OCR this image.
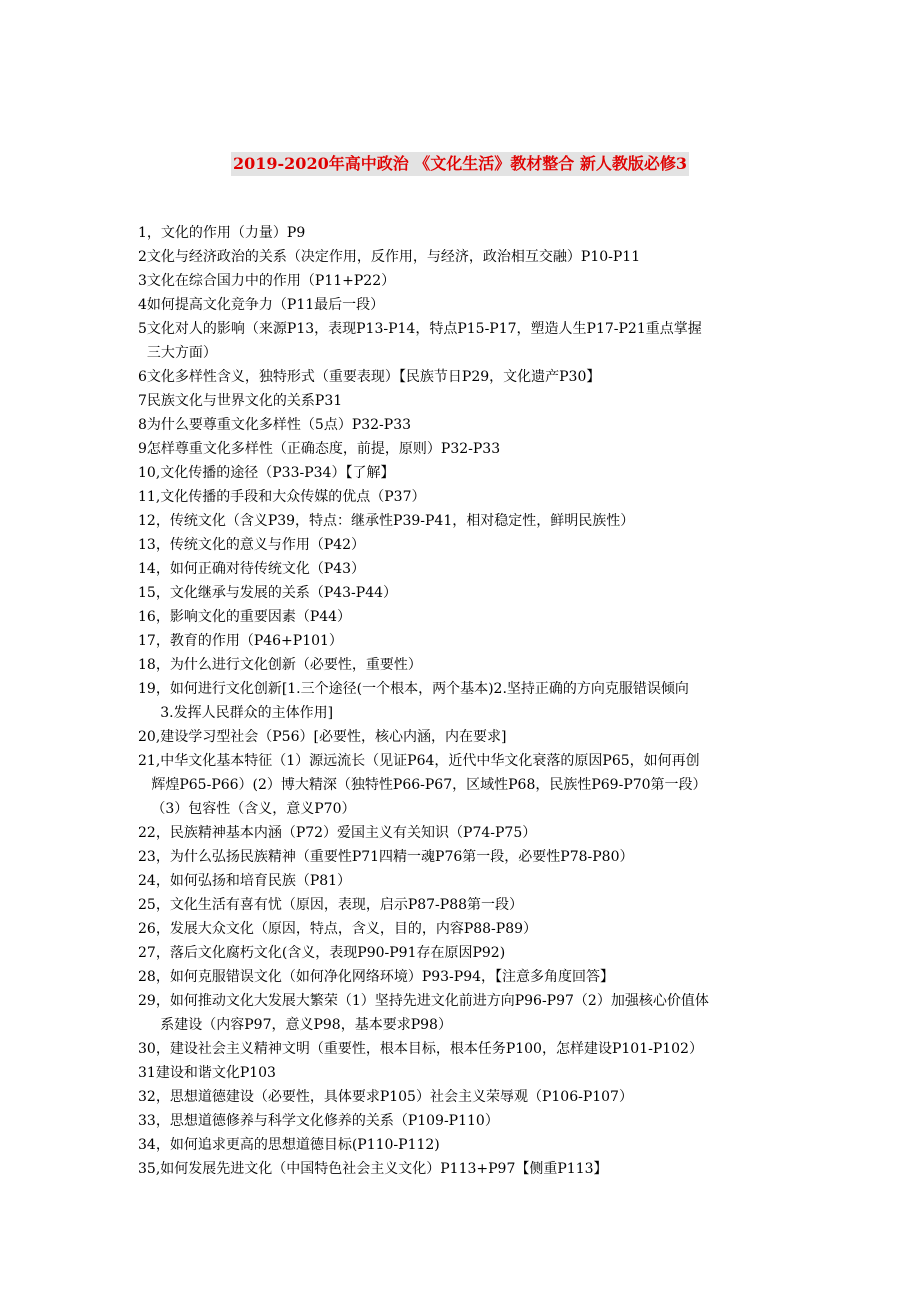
2019-2020年高中政治 《文化生活》教材整合 新人教版必修3
1，文化的作用（力量）P9
2文化与经济政治的关系（决定作用，反作用，与经济，政治相互交融）P10-P11
3文化在综合国力中的作用（P11+P22）
4如何提高文化竞争力（P11最后一段）
5文化对人的影响（来源P13，表现P13-P14，特点P15-P17，塑造人生P17-P21重点掌握
三大方面）
6文化多样性含义，独特形式（重要表现）【民族节日P29，文化遗产P30】
7民族文化与世界文化的关系P31
8为什么要尊重文化多样性（5点）P32-P33
9怎样尊重文化多样性（正确态度，前提，原则）P32-P33
10,文化传播的途径（P33-P34）【了解】
11,文化传播的手段和大众传媒的优点（P37）
12，传统文化（含义P39，特点：继承性P39-P41，相对稳定性，鲜明民族性）
13，传统文化的意义与作用（P42）
14，如何正确对待传统文化（P43）
15，文化继承与发展的关系（P43-P44）
16，影响文化的重要因素（P44）
17，教育的作用（P46+P101）
18，为什么进行文化创新（必要性，重要性）
19，如何进行文化创新[1.三个途径(一个根本，两个基本)2.坚持正确的方向克服错误倾向
3.发挥人民群众的主体作用]
20,建设学习型社会（P56）[必要性，核心内涵，内在要求]
21,中华文化基本特征（1）源远流长（见证P64，近代中华文化衰落的原因P65，如何再创
辉煌P65-P66）(2）博大精深（独特性P66-P67，区域性P68，民族性P69-P70第一段）
（3）包容性（含义，意义P70）
22，民族精神基本内涵（P72）爱国主义有关知识（P74-P75）
23，为什么弘扬民族精神（重要性P71四精一魂P76第一段，必要性P78-P80）
24，如何弘扬和培育民族（P81）
25，文化生活有喜有忧（原因，表现，启示P87-P88第一段）
26，发展大众文化（原因，特点，含义，目的，内容P88-P89）
27，落后文化腐朽文化(含义，表现P90-P91存在原因P92)
28，如何克服错误文化（如何净化网络环境）P93-P94，【注意多角度回答】
29，如何推动文化大发展大繁荣（1）坚持先进文化前进方向P96-P97（2）加强核心价值体
系建设（内容P97，意义P98，基本要求P98）
30，建设社会主义精神文明（重要性，根本目标，根本任务P100，怎样建设P101-P102）
31建设和谐文化P103
32，思想道德建设（必要性，具体要求P105）社会主义荣辱观（P106-P107）
33，思想道德修养与科学文化修养的关系（P109-P110）
34，如何追求更高的思想道德目标(P110-P112)
35,如何发展先进文化（中国特色社会主义文化）P113+P97【侧重P113】
